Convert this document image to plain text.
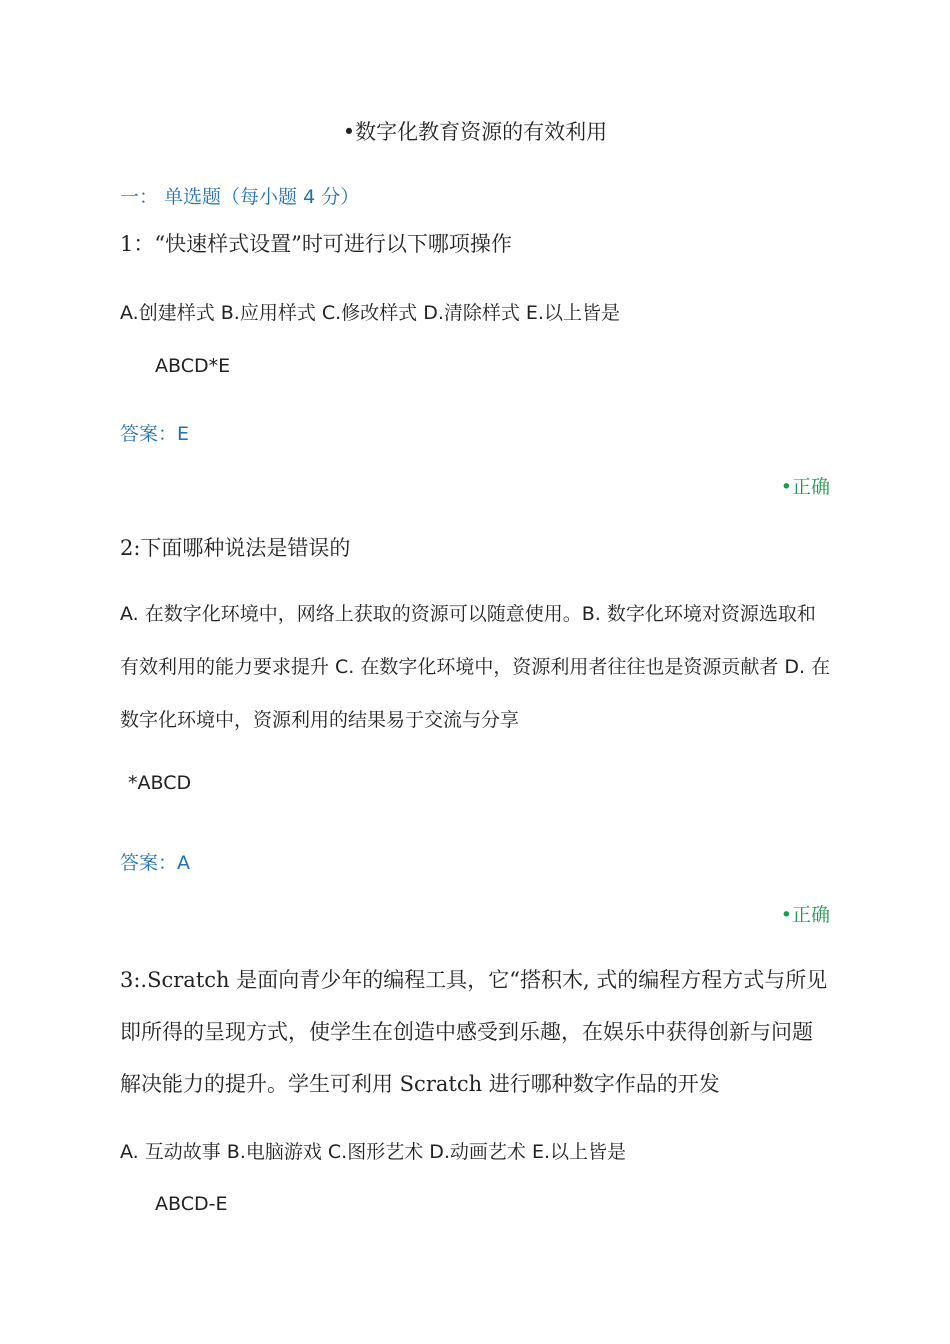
•数字化教育资源的有效利用
一： 单选题（每小题 4 分）
1：“快速样式设置”时可进行以下哪项操作
A.创建样式 B.应用样式 C.修改样式 D.清除样式 E.以上皆是
ABCD*E
答案：E
•正确
2:下面哪种说法是错误的
A. 在数字化环境中，网络上获取的资源可以随意使用。B. 数字化环境对资源选取和有效利用的能力要求提升 C. 在数字化环境中，资源利用者往往也是资源贡献者 D. 在数字化环境中，资源利用的结果易于交流与分享
*ABCD
答案：A
•正确
3:.Scratch 是面向青少年的编程工具，它“搭积木, 式的编程方程方式与所见即所得的呈现方式，使学生在创造中感受到乐趣，在娱乐中获得创新与问题解决能力的提升。学生可利用 Scratch 进行哪种数字作品的开发
A. 互动故事 B.电脑游戏 C.图形艺术 D.动画艺术 E.以上皆是
ABCD-E
